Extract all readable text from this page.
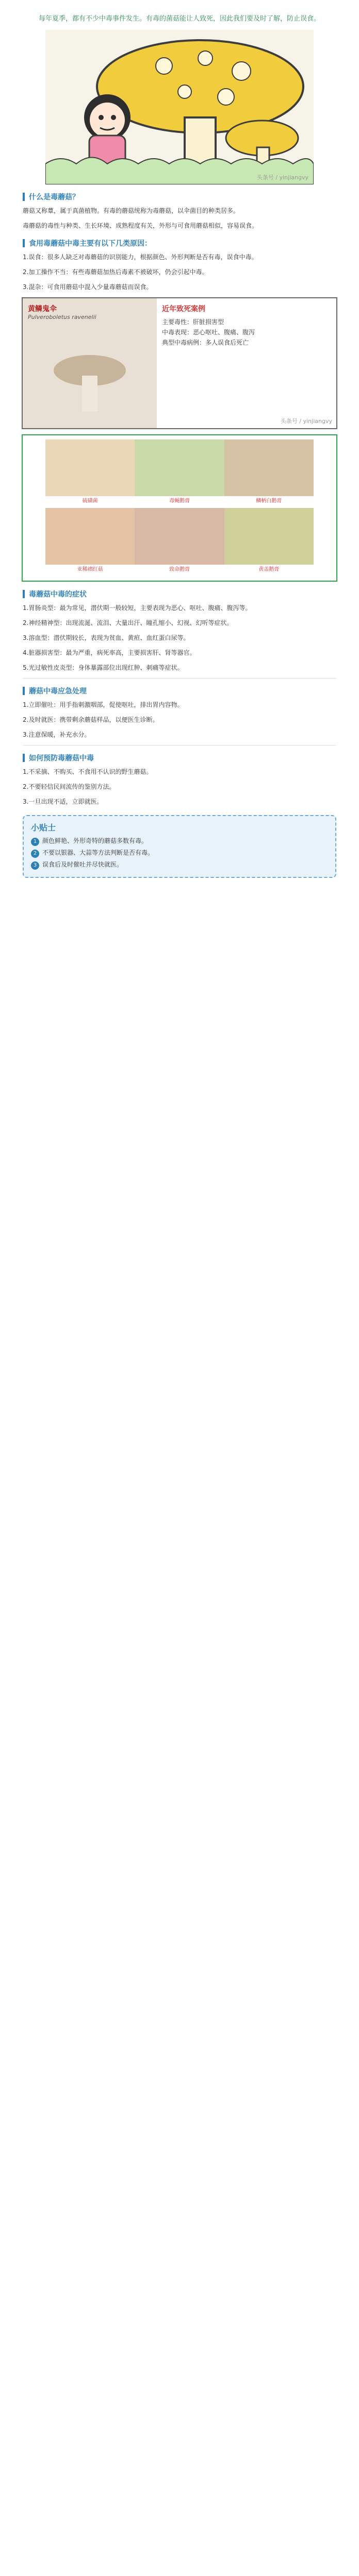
每年夏季，都有不少中毒事件发生。有毒的菌菇能让人致死，因此我们要及时了解，防止误食。
头条号 / yinjiangvy
什么是毒蘑菇？

蘑菇又称蕈，属于真菌植物。有毒的蘑菇统称为毒蘑菇，以伞菌目的种类居多。

毒蘑菇的毒性与种类、生长环境、成熟程度有关，外形与可食用蘑菇相似，容易误食。

食用毒蘑菇中毒主要有以下几类原因：

1.误食：很多人缺乏对毒蘑菇的识别能力，根据颜色、外形判断是否有毒，误食中毒。

2.加工操作不当：有些毒蘑菇加热后毒素不被破坏，仍会引起中毒。

3.混杂：可食用蘑菇中混入少量毒蘑菇而误食。

黄鳞鬼伞
Pulveroboletus ravenelii
近年致死案例
主要毒性：肝脏损害型
中毒表现：恶心呕吐、腹痛、腹泻
典型中毒病例：多人误食后死亡
头条号 / yinjiangvy
硫磺菌	毒蝇鹅膏	鳞柄白鹅膏
亚稀褶红菇	致命鹅膏	黄盖鹅膏
毒蘑菇中毒的症状

1.胃肠炎型：最为常见，潜伏期一般较短，主要表现为恶心、呕吐、腹痛、腹泻等。

2.神经精神型：出现流涎、流泪、大量出汗、瞳孔缩小、幻视、幻听等症状。

3.溶血型：潜伏期较长，表现为贫血、黄疸、血红蛋白尿等。

4.脏器损害型：最为严重，病死率高，主要损害肝、肾等器官。

5.光过敏性皮炎型：身体暴露部位出现红肿、刺痛等症状。

蘑菇中毒应急处理

1.立即催吐：用手指刺激咽部，促使呕吐，排出胃内容物。

2.及时就医：携带剩余蘑菇样品，以便医生诊断。

3.注意保暖，补充水分。

如何预防毒蘑菇中毒

1.不采摘、不购买、不食用不认识的野生蘑菇。

2.不要轻信民间流传的鉴别方法。

3.一旦出现不适，立即就医。

小贴士

1 颜色鲜艳、外形奇特的蘑菇多数有毒。

2 不要以银器、大蒜等方法判断是否有毒。

3 误食后及时催吐并尽快就医。
